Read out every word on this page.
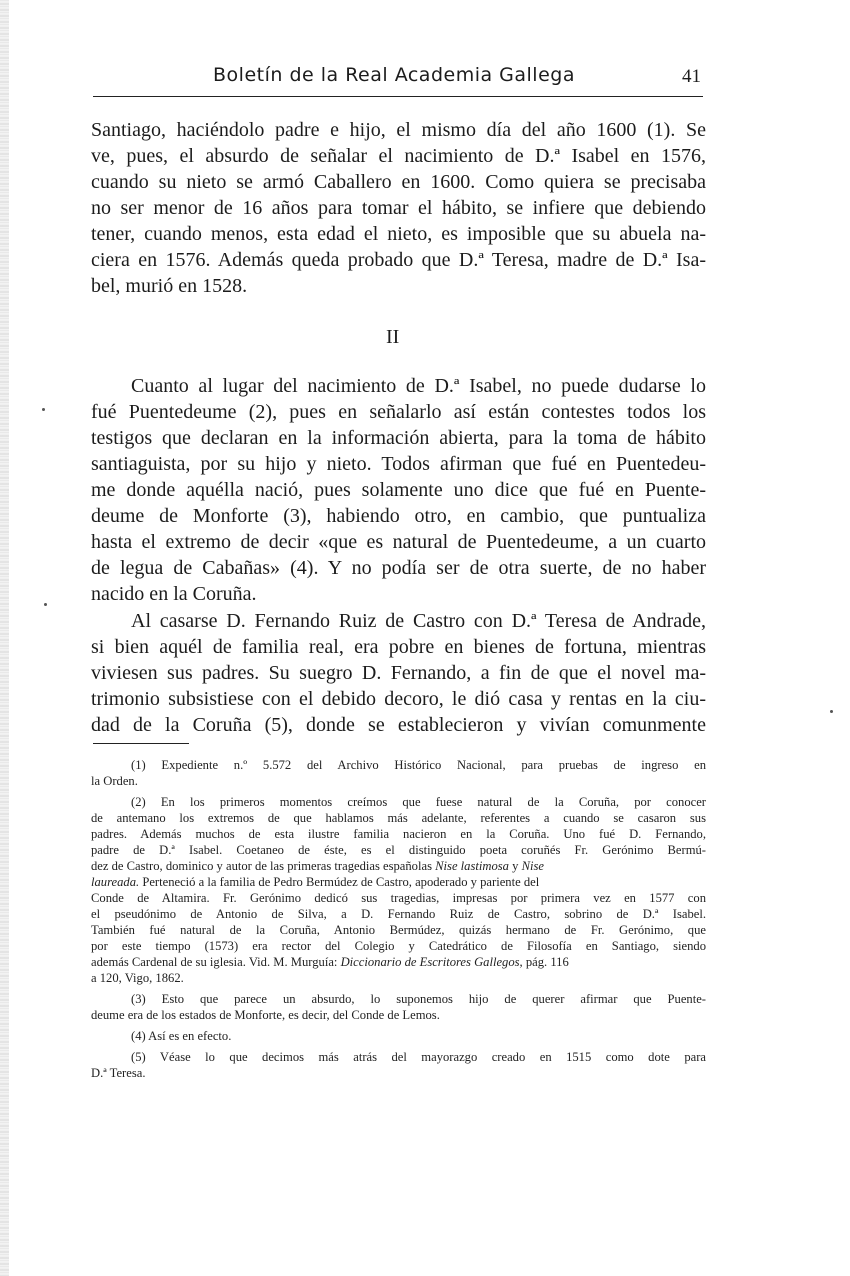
Boletín de la Real Academia Gallega	41
Santiago, haciéndolo padre e hijo, el mismo día del año 1600 (1). Se
ve, pues, el absurdo de señalar el nacimiento de D.ª Isabel en 1576,
cuando su nieto se armó Caballero en 1600. Como quiera se precisaba
no ser menor de 16 años para tomar el hábito, se infiere que debiendo
tener, cuando menos, esta edad el nieto, es imposible que su abuela na-
ciera en 1576. Además queda probado que D.ª Teresa, madre de D.ª Isa-
bel, murió en 1528.
II
Cuanto al lugar del nacimiento de D.ª Isabel, no puede dudarse lo
fué Puentedeume (2), pues en señalarlo así están contestes todos los
testigos que declaran en la información abierta, para la toma de hábito
santiaguista, por su hijo y nieto. Todos afirman que fué en Puentedeu-
me donde aquélla nació, pues solamente uno dice que fué en Puente-
deume de Monforte (3), habiendo otro, en cambio, que puntualiza
hasta el extremo de decir «que es natural de Puentedeume, a un cuarto
de legua de Cabañas» (4). Y no podía ser de otra suerte, de no haber
nacido en la Coruña.
Al casarse D. Fernando Ruiz de Castro con D.ª Teresa de Andrade,
si bien aquél de familia real, era pobre en bienes de fortuna, mientras
viviesen sus padres. Su suegro D. Fernando, a fin de que el novel ma-
trimonio subsistiese con el debido decoro, le dió casa y rentas en la ciu-
dad de la Coruña (5), donde se establecieron y vivían comunmente
(1) Expediente n.º 5.572 del Archivo Histórico Nacional, para pruebas de ingreso en
la Orden.
(2) En los primeros momentos creímos que fuese natural de la Coruña, por conocer
de antemano los extremos de que hablamos más adelante, referentes a cuando se casaron sus
padres. Además muchos de esta ilustre familia nacieron en la Coruña. Uno fué D. Fernando,
padre de D.ª Isabel. Coetaneo de éste, es el distinguido poeta coruñés Fr. Gerónimo Bermú-
dez de Castro, dominico y autor de las primeras tragedias españolas Nise lastimosa y Nise
laureada. Perteneció a la familia de Pedro Bermúdez de Castro, apoderado y pariente del
Conde de Altamira. Fr. Gerónimo dedicó sus tragedias, impresas por primera vez en 1577 con
el pseudónimo de Antonio de Silva, a D. Fernando Ruiz de Castro, sobrino de D.ª Isabel.
También fué natural de la Coruña, Antonio Bermúdez, quizás hermano de Fr. Gerónimo, que
por este tiempo (1573) era rector del Colegio y Catedrático de Filosofía en Santiago, siendo
además Cardenal de su iglesia. Vid. M. Murguía: Diccionario de Escritores Gallegos, pág. 116
a 120, Vigo, 1862.
(3) Esto que parece un absurdo, lo suponemos hijo de querer afirmar que Puente-
deume era de los estados de Monforte, es decir, del Conde de Lemos.
(4) Así es en efecto.
(5) Véase lo que decimos más atrás del mayorazgo creado en 1515 como dote para
D.ª Teresa.
